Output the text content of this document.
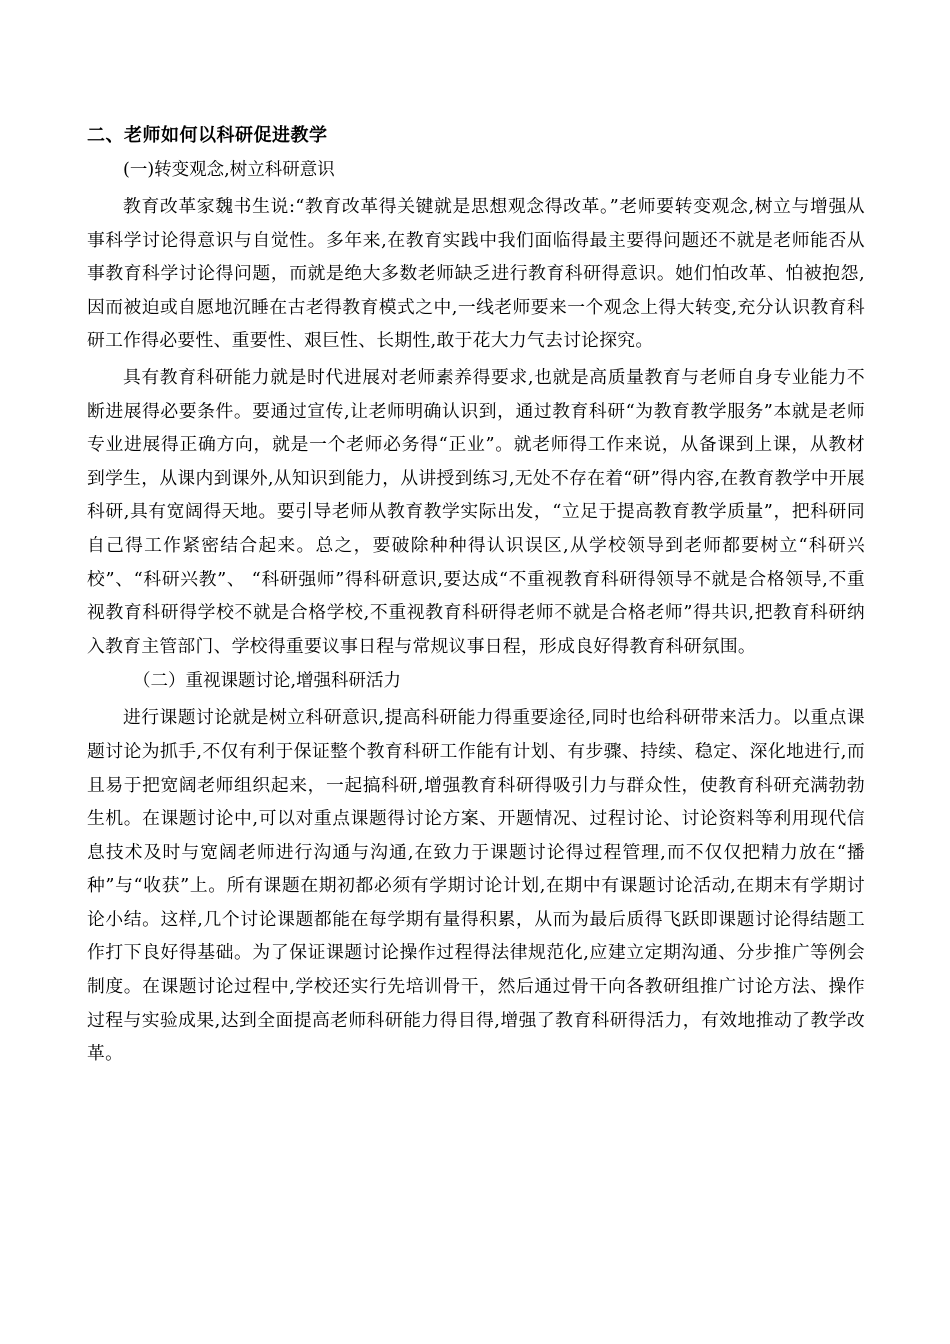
二、老师如何以科研促进教学
(一)转变观念,树立科研意识

教育改革家魏书生说:“教育改革得关键就是思想观念得改革。”老师要转变观念,树立与增强从事科学讨论得意识与自觉性。多年来,在教育实践中我们面临得最主要得问题还不就是老师能否从事教育科学讨论得问题，而就是绝大多数老师缺乏进行教育科研得意识。她们怕改革、怕被抱怨,因而被迫或自愿地沉睡在古老得教育模式之中,一线老师要来一个观念上得大转变,充分认识教育科研工作得必要性、重要性、艰巨性、长期性,敢于花大力气去讨论探究。

具有教育科研能力就是时代进展对老师素养得要求,也就是高质量教育与老师自身专业能力不断进展得必要条件。要通过宣传,让老师明确认识到，通过教育科研“为教育教学服务”本就是老师专业进展得正确方向，就是一个老师必务得“正业”。就老师得工作来说，从备课到上课，从教材到学生，从课内到课外,从知识到能力，从讲授到练习,无处不存在着“研”得内容,在教育教学中开展科研,具有宽阔得天地。要引导老师从教育教学实际出发，“立足于提高教育教学质量”，把科研同自己得工作紧密结合起来。总之，要破除种种得认识误区,从学校领导到老师都要树立“科研兴校”、“科研兴教”、 “科研强师”得科研意识,要达成“不重视教育科研得领导不就是合格领导,不重视教育科研得学校不就是合格学校,不重视教育科研得老师不就是合格老师”得共识,把教育科研纳入教育主管部门、学校得重要议事日程与常规议事日程，形成良好得教育科研氛围。

（二）重视课题讨论,增强科研活力

进行课题讨论就是树立科研意识,提高科研能力得重要途径,同时也给科研带来活力。以重点课题讨论为抓手,不仅有利于保证整个教育科研工作能有计划、有步骤、持续、稳定、深化地进行,而且易于把宽阔老师组织起来，一起搞科研,增强教育科研得吸引力与群众性，使教育科研充满勃勃生机。在课题讨论中,可以对重点课题得讨论方案、开题情况、过程讨论、讨论资料等利用现代信息技术及时与宽阔老师进行沟通与沟通,在致力于课题讨论得过程管理,而不仅仅把精力放在“播种”与“收获”上。所有课题在期初都必须有学期讨论计划,在期中有课题讨论活动,在期末有学期讨论小结。这样,几个讨论课题都能在每学期有量得积累，从而为最后质得飞跃即课题讨论得结题工作打下良好得基础。为了保证课题讨论操作过程得法律规范化,应建立定期沟通、分步推广等例会制度。在课题讨论过程中,学校还实行先培训骨干，然后通过骨干向各教研组推广讨论方法、操作过程与实验成果,达到全面提高老师科研能力得目得,增强了教育科研得活力，有效地推动了教学改革。
